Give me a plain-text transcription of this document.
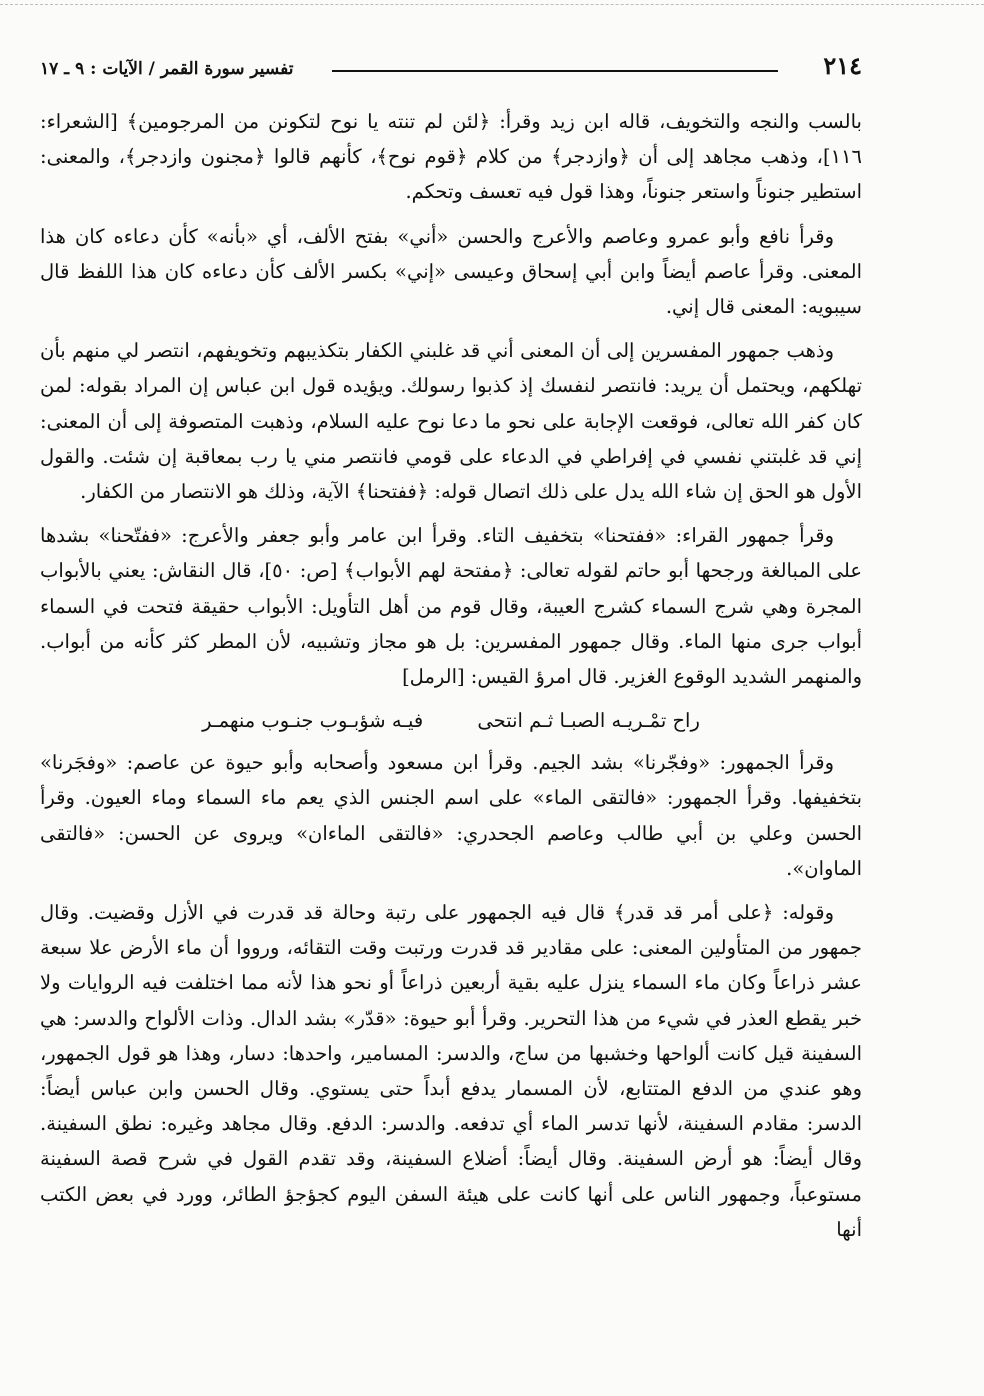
٢١٤
تفسير سورة القمر / الآيات : ٩ ـ ١٧

بالسب والنجه والتخويف، قاله ابن زيد وقرأ: ﴿لئن لم تنته يا نوح لتكونن من المرجومين﴾ [الشعراء: ١١٦]، وذهب مجاهد إلى أن ﴿وازدجر﴾ من كلام ﴿قوم نوح﴾، كأنهم قالوا ﴿مجنون وازدجر﴾، والمعنى: استطير جنوناً واستعر جنوناً، وهذا قول فيه تعسف وتحكم.

وقرأ نافع وأبو عمرو وعاصم والأعرج والحسن «أني» بفتح الألف، أي «بأنه» كأن دعاءه كان هذا المعنى. وقرأ عاصم أيضاً وابن أبي إسحاق وعيسى «إني» بكسر الألف كأن دعاءه كان هذا اللفظ قال سيبويه: المعنى قال إني.

وذهب جمهور المفسرين إلى أن المعنى أني قد غلبني الكفار بتكذيبهم وتخويفهم، انتصر لي منهم بأن تهلكهم، ويحتمل أن يريد: فانتصر لنفسك إذ كذبوا رسولك. ويؤيده قول ابن عباس إن المراد بقوله: لمن كان كفر الله تعالى، فوقعت الإجابة على نحو ما دعا نوح عليه السلام، وذهبت المتصوفة إلى أن المعنى: إني قد غلبتني نفسي في إفراطي في الدعاء على قومي فانتصر مني يا رب بمعاقبة إن شئت. والقول الأول هو الحق إن شاء الله يدل على ذلك اتصال قوله: ﴿ففتحنا﴾ الآية، وذلك هو الانتصار من الكفار.

وقرأ جمهور القراء: «ففتحنا» بتخفيف التاء. وقرأ ابن عامر وأبو جعفر والأعرج: «ففتّحنا» بشدها على المبالغة ورجحها أبو حاتم لقوله تعالى: ﴿مفتحة لهم الأبواب﴾ [ص: ٥٠]، قال النقاش: يعني بالأبواب المجرة وهي شرج السماء كشرج العيبة، وقال قوم من أهل التأويل: الأبواب حقيقة فتحت في السماء أبواب جرى منها الماء. وقال جمهور المفسرين: بل هو مجاز وتشبيه، لأن المطر كثر كأنه من أبواب. والمنهمر الشديد الوقوع الغزير. قال امرؤ القيس: [الرمل]

راح تمْـريـه الصبـا ثـم انتحى فيـه شؤبـوب جنـوب منهمـر

وقرأ الجمهور: «وفجّرنا» بشد الجيم. وقرأ ابن مسعود وأصحابه وأبو حيوة عن عاصم: «وفجَرنا» بتخفيفها. وقرأ الجمهور: «فالتقى الماء» على اسم الجنس الذي يعم ماء السماء وماء العيون. وقرأ الحسن وعلي بن أبي طالب وعاصم الجحدري: «فالتقى الماءان» ويروى عن الحسن: «فالتقى الماوان».

وقوله: ﴿على أمر قد قدر﴾ قال فيه الجمهور على رتبة وحالة قد قدرت في الأزل وقضيت. وقال جمهور من المتأولين المعنى: على مقادير قد قدرت ورتبت وقت التقائه، ورووا أن ماء الأرض علا سبعة عشر ذراعاً وكان ماء السماء ينزل عليه بقية أربعين ذراعاً أو نحو هذا لأنه مما اختلفت فيه الروايات ولا خبر يقطع العذر في شيء من هذا التحرير. وقرأ أبو حيوة: «قدّر» بشد الدال. وذات الألواح والدسر: هي السفينة قيل كانت ألواحها وخشبها من ساج، والدسر: المسامير، واحدها: دسار، وهذا هو قول الجمهور، وهو عندي من الدفع المتتابع، لأن المسمار يدفع أبداً حتى يستوي. وقال الحسن وابن عباس أيضاً: الدسر: مقادم السفينة، لأنها تدسر الماء أي تدفعه. والدسر: الدفع. وقال مجاهد وغيره: نطق السفينة. وقال أيضاً: هو أرض السفينة. وقال أيضاً: أضلاع السفينة، وقد تقدم القول في شرح قصة السفينة مستوعباً، وجمهور الناس على أنها كانت على هيئة السفن اليوم كجؤجؤ الطائر، وورد في بعض الكتب أنها
